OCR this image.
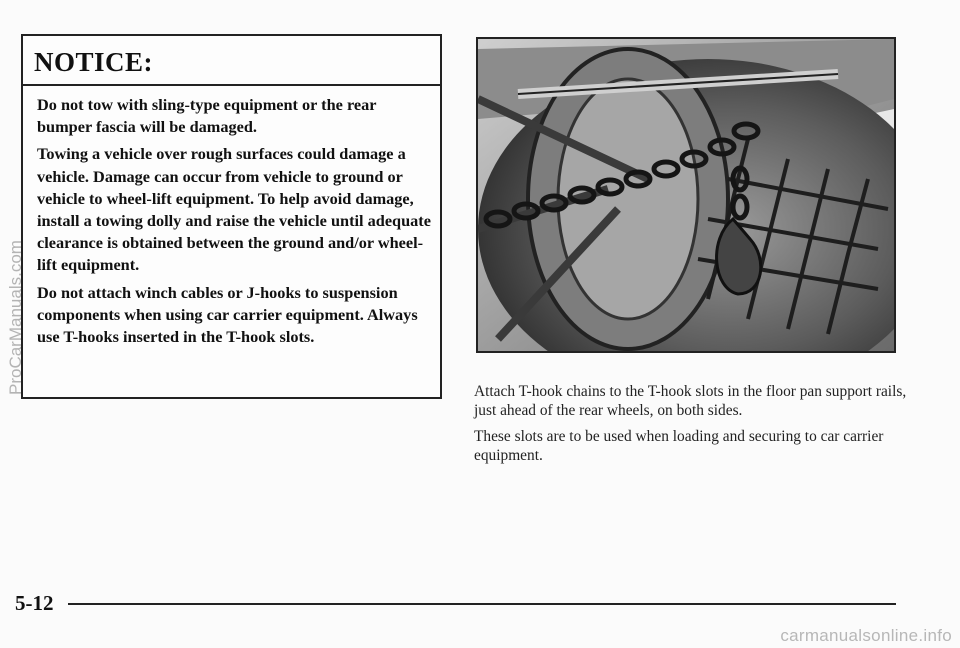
NOTICE:

Do not tow with sling-type equipment or the rear bumper fascia will be damaged.

Towing a vehicle over rough surfaces could damage a vehicle. Damage can occur from vehicle to ground or vehicle to wheel-lift equipment. To help avoid damage, install a towing dolly and raise the vehicle until adequate clearance is obtained between the ground and/or wheel-lift equipment.

Do not attach winch cables or J-hooks to suspension components when using car carrier equipment. Always use T-hooks inserted in the T-hook slots.

Attach T-hook chains to the T-hook slots in the floor pan support rails, just ahead of the rear wheels, on both sides.

These slots are to be used when loading and securing to car carrier equipment.

5-12
ProCarManuals.com
carmanualsonline.info
